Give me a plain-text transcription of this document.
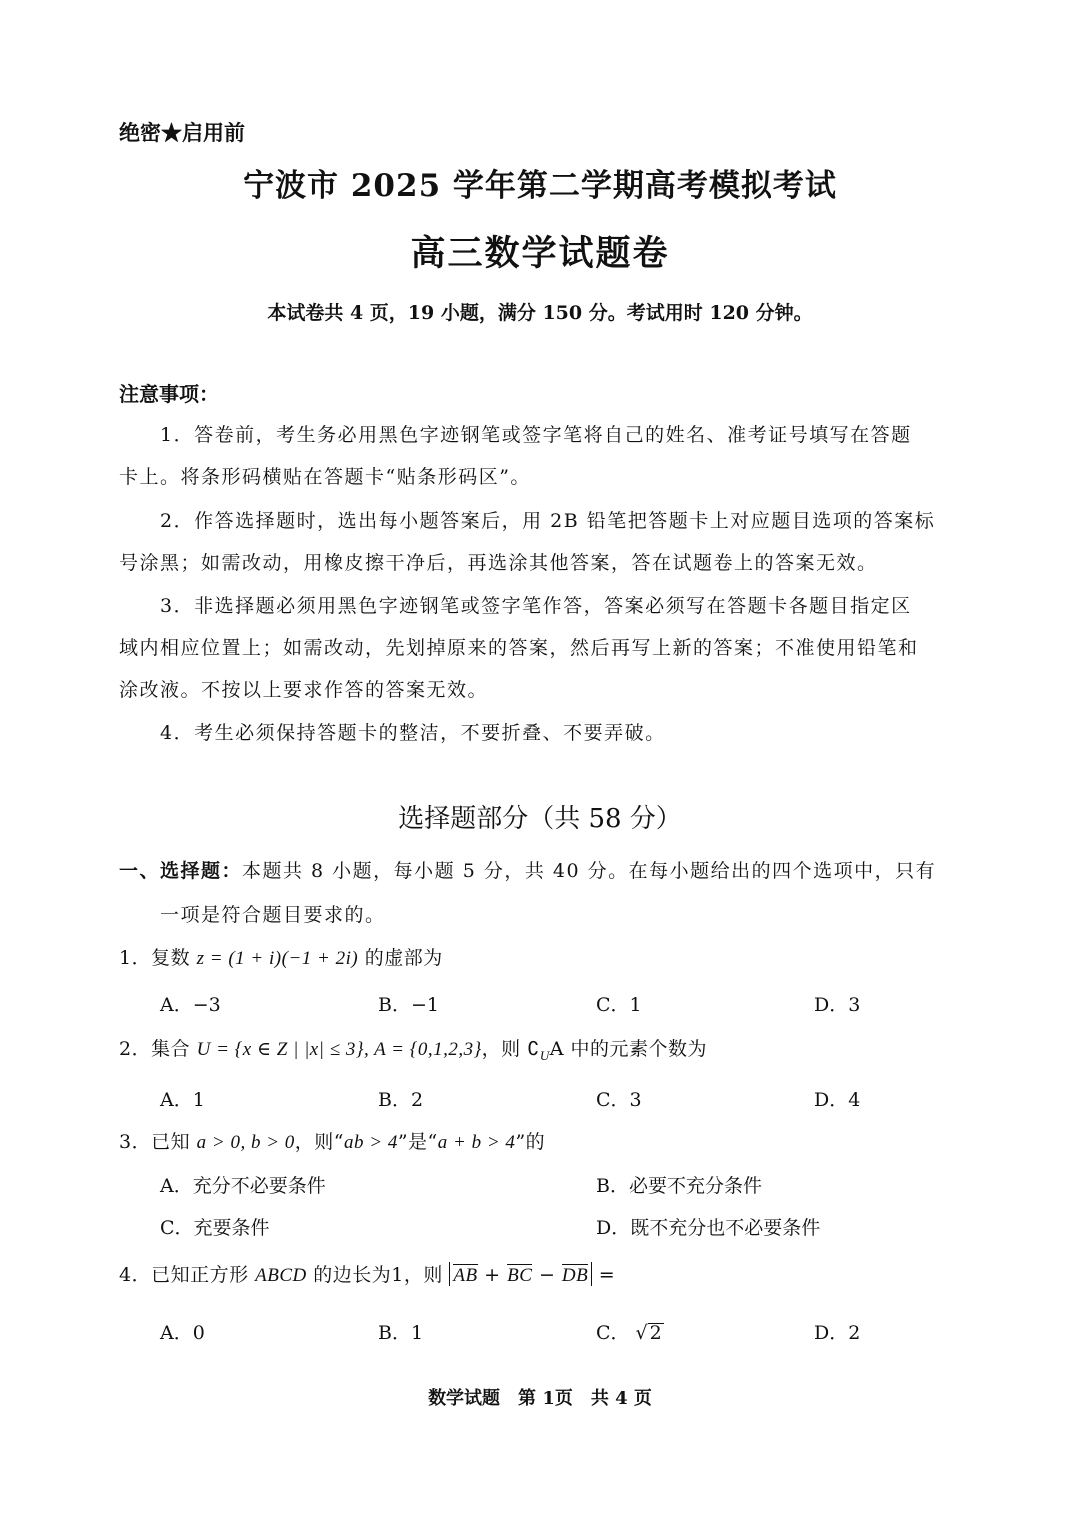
绝密★启用前
宁波市 2025 学年第二学期高考模拟考试
高三数学试题卷
本试卷共 4 页，19 小题，满分 150 分。考试用时 120 分钟。
注意事项：
1．答卷前，考生务必用黑色字迹钢笔或签字笔将自己的姓名、准考证号填写在答题
卡上。将条形码横贴在答题卡“贴条形码区”。
2．作答选择题时，选出每小题答案后，用 2B 铅笔把答题卡上对应题目选项的答案标
号涂黑；如需改动，用橡皮擦干净后，再选涂其他答案，答在试题卷上的答案无效。
3．非选择题必须用黑色字迹钢笔或签字笔作答，答案必须写在答题卡各题目指定区
域内相应位置上；如需改动，先划掉原来的答案，然后再写上新的答案；不准使用铅笔和
涂改液。不按以上要求作答的答案无效。
4．考生必须保持答题卡的整洁，不要折叠、不要弄破。
选择题部分（共 58 分）
一、选择题：本题共 8 小题，每小题 5 分，共 40 分。在每小题给出的四个选项中，只有
一项是符合题目要求的。
1．复数 z = (1 + i)(−1 + 2i) 的虚部为
A．−3	B．−1	C．1	D．3
2．集合 U = {x ∈ Z | |x| ≤ 3}, A = {0,1,2,3}，则 $∁_UA$ 中的元素个数为
A．1	B．2	C．3	D．4
3．已知 a > 0, b > 0，则“ab > 4”是“a + b > 4”的
A．充分不必要条件	B．必要不充分条件
C．充要条件	D．既不充分也不必要条件
4．已知正方形 ABCD 的边长为1，则 AB + BC − DB =
A．0	B．1	C． √ 2	D．2
数学试题　第 1页　共 4 页
